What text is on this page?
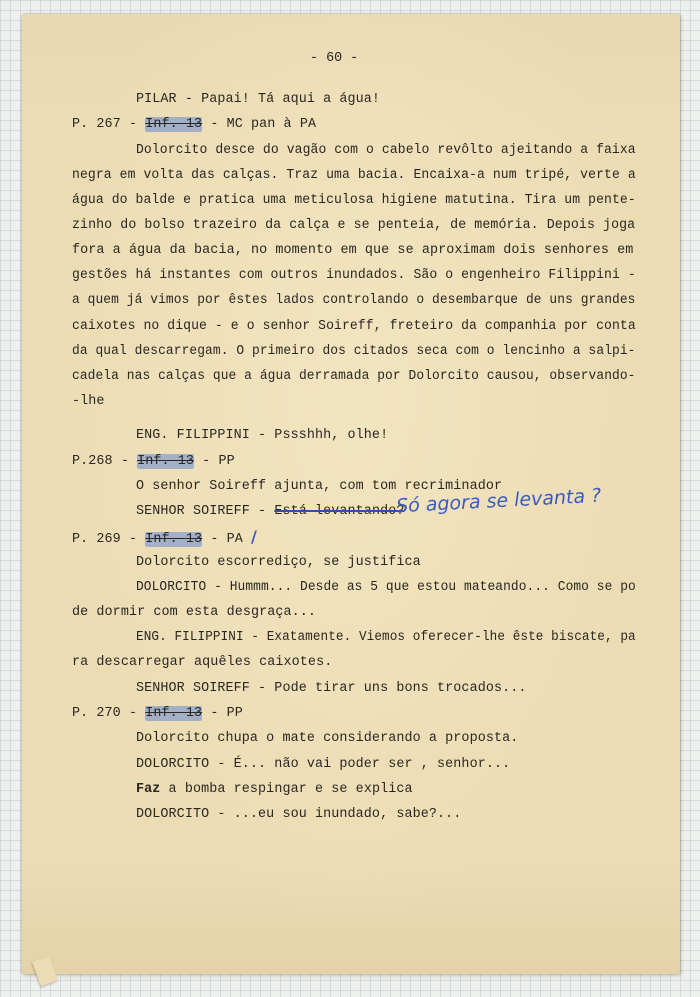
- 60 -
PILAR - Papai! Tá aqui a água!
P. 267 - Inf. 13 - MC pan à PA
Dolorcito desce do vagão com o cabelo revôlto ajeitando a faixa
negra em volta das calças. Traz uma bacia. Encaixa-a num tripé, verte a
água do balde e pratica uma meticulosa higiene matutina. Tira um pente-
zinho do bolso trazeiro da calça e se penteia, de memória. Depois joga
fora a água da bacia, no momento em que se aproximam dois senhores em
gestões há instantes com outros inundados. São o engenheiro Filippini -
a quem já vimos por êstes lados controlando o desembarque de uns grandes
caixotes no dique - e o senhor Soireff, freteiro da companhia por conta
da qual descarregam. O primeiro dos citados seca com o lencinho a salpi-
cadela nas calças que a água derramada por Dolorcito causou, observando-
-lhe
ENG. FILIPPINI - Pssshhh, olhe!
P.268 - Inf. 13 - PP
O senhor Soireff ajunta, com tom recriminador
SENHOR SOIREFF - Está levantando?
Só agora se levanta ?
P. 269 - Inf. 13 - PA /
Dolorcito escorrediço, se justifica
DOLORCITO - Hummm... Desde as 5 que estou mateando... Como se po
de dormir com esta desgraça...
ENG. FILIPPINI - Exatamente. Viemos oferecer-lhe êste biscate, pa
ra descarregar aquêles caixotes.
SENHOR SOIREFF - Pode tirar uns bons trocados...
P. 270 - Inf. 13 - PP
Dolorcito chupa o mate considerando a proposta.
DOLORCITO - É... não vai poder ser , senhor...
Faz a bomba respingar e se explica
DOLORCITO - ...eu sou inundado, sabe?...
